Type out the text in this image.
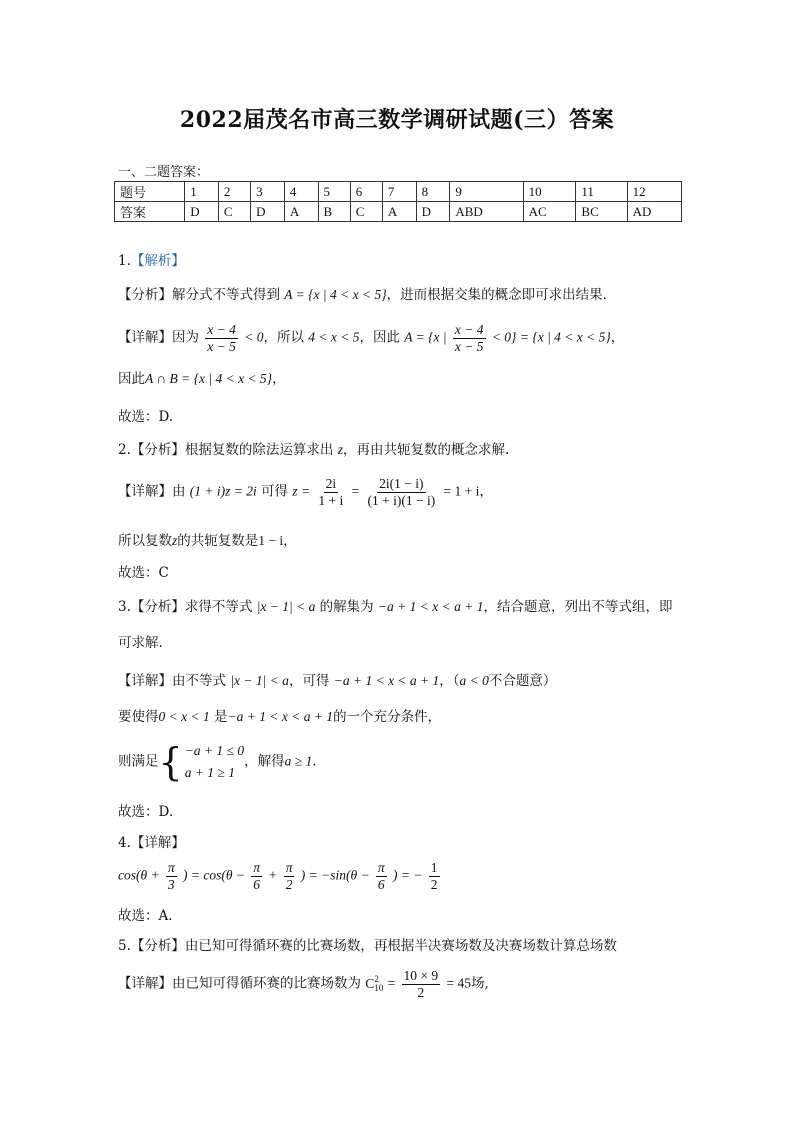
2022届茂名市高三数学调研试题(三）答案
一、二题答案：
题号	1	2	3	4	5	6	7	8	9	10	11	12
答案	D	C	D	A	B	C	A	D	ABD	AC	BC	AD
1.【解析】
【分析】解分式不等式得到 A = {x | 4 < x < 5}，进而根据交集的概念即可求出结果.
【详解】因为 $\frac{x - 4}{x - 5} < 0$，所以 4 < x < 5，因此 A = {x | $\frac{x - 4}{x - 5} < 0\} = \{x$ | 4 < x < 5}，
因此A ∩ B = {x | 4 < x < 5}，
故选：D.
2.【分析】根据复数的除法运算求出 z，再由共轭复数的概念求解.
【详解】由 (1 + i)z = 2i 可得 $z = \frac{2i}{1 + i} = \frac{2i(1 - i)}{(1 + i)(1 - i)} = 1 + i$，
所以复数z的共轭复数是1 − i，
故选：C
3.【分析】求得不等式 |x − 1| < a 的解集为 −a + 1 < x < a + 1，结合题意，列出不等式组，即
可求解.
【详解】由不等式 |x − 1| < a，可得 −a + 1 < x < a + 1，（a < 0不合题意）
要使得0 < x < 1 是−a + 1 < x < a + 1的一个充分条件，
则满足 { −a + 1 ≤ 0
a + 1 ≥ 1
，解得a ≥ 1.
故选：D.
4.【详解】
$\cos(\theta + \frac{\pi}{3}$ ) = $\cos(\theta - \frac{\pi}{6} + \frac{\pi}{2}$ ) = $-\sin(\theta - \frac{\pi}{6}$ ) = − $\frac{1}{2}$
故选：A.
5.【分析】由已知可得循环赛的比赛场数，再根据半决赛场数及决赛场数计算总场数
【详解】由已知可得循环赛的比赛场数为 C 2
$10 = \frac{10 \times 9}{2} = 45$场,
